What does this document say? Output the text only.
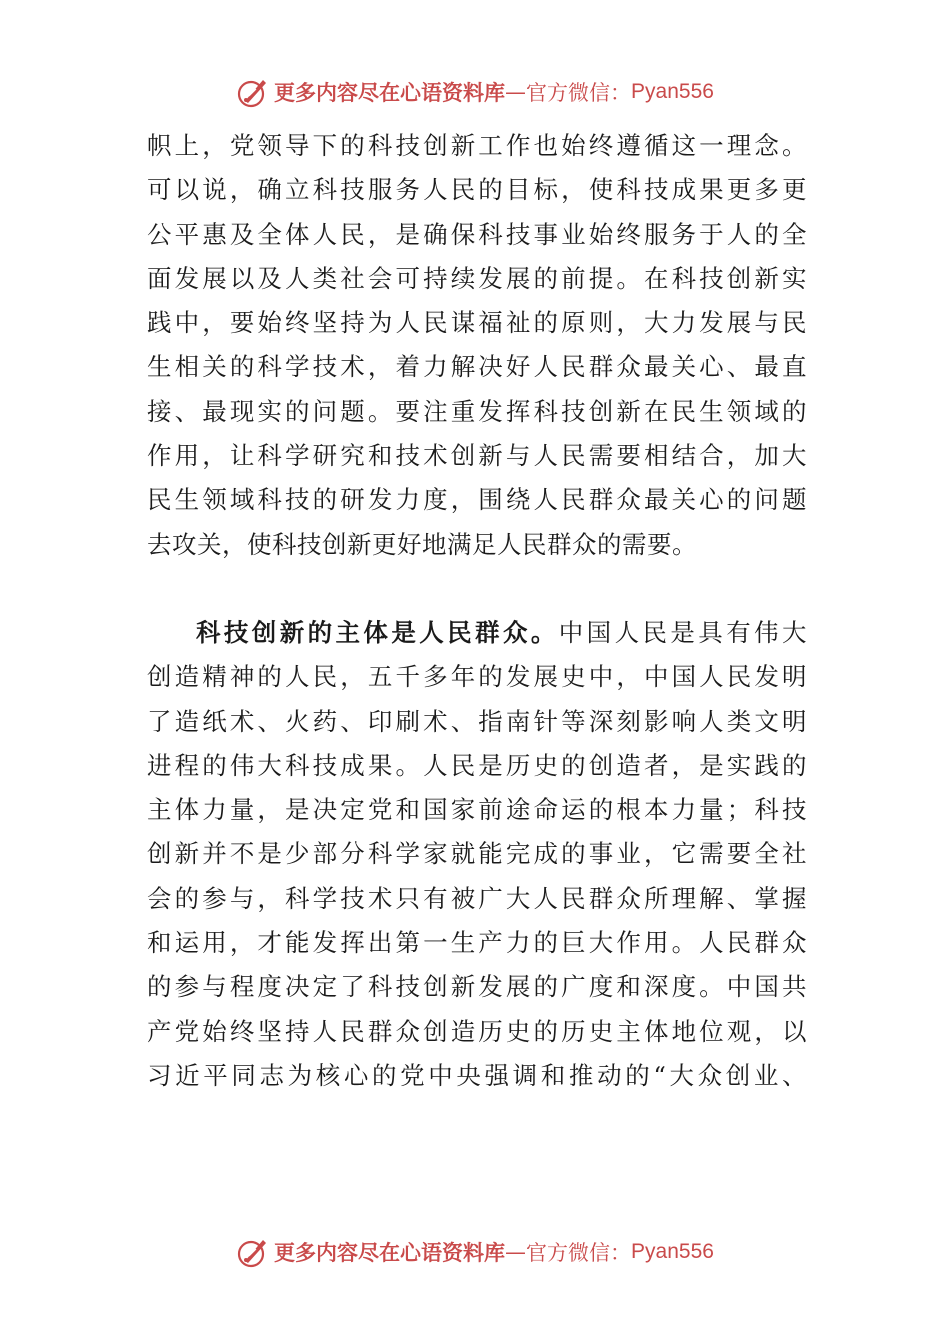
更多内容尽在心语资料库 — 官方微信： Pyan556
帜上，党领导下的科技创新工作也始终遵循这一理念。
可以说，确立科技服务人民的目标，使科技成果更多更
公平惠及全体人民，是确保科技事业始终服务于人的全
面发展以及人类社会可持续发展的前提。在科技创新实
践中，要始终坚持为人民谋福祉的原则，大力发展与民
生相关的科学技术，着力解决好人民群众最关心、最直
接、最现实的问题。要注重发挥科技创新在民生领域的
作用，让科学研究和技术创新与人民需要相结合，加大
民生领域科技的研发力度，围绕人民群众最关心的问题
去攻关，使科技创新更好地满足人民群众的需要。
科技创新的主体是人民群众。中国人民是具有伟大
创造精神的人民，五千多年的发展史中，中国人民发明
了造纸术、火药、印刷术、指南针等深刻影响人类文明
进程的伟大科技成果。人民是历史的创造者，是实践的
主体力量，是决定党和国家前途命运的根本力量；科技
创新并不是少部分科学家就能完成的事业，它需要全社
会的参与，科学技术只有被广大人民群众所理解、掌握
和运用，才能发挥出第一生产力的巨大作用。人民群众
的参与程度决定了科技创新发展的广度和深度。中国共
产党始终坚持人民群众创造历史的历史主体地位观，以
习近平同志为核心的党中央强调和推动的“大众创业、
更多内容尽在心语资料库 — 官方微信： Pyan556
